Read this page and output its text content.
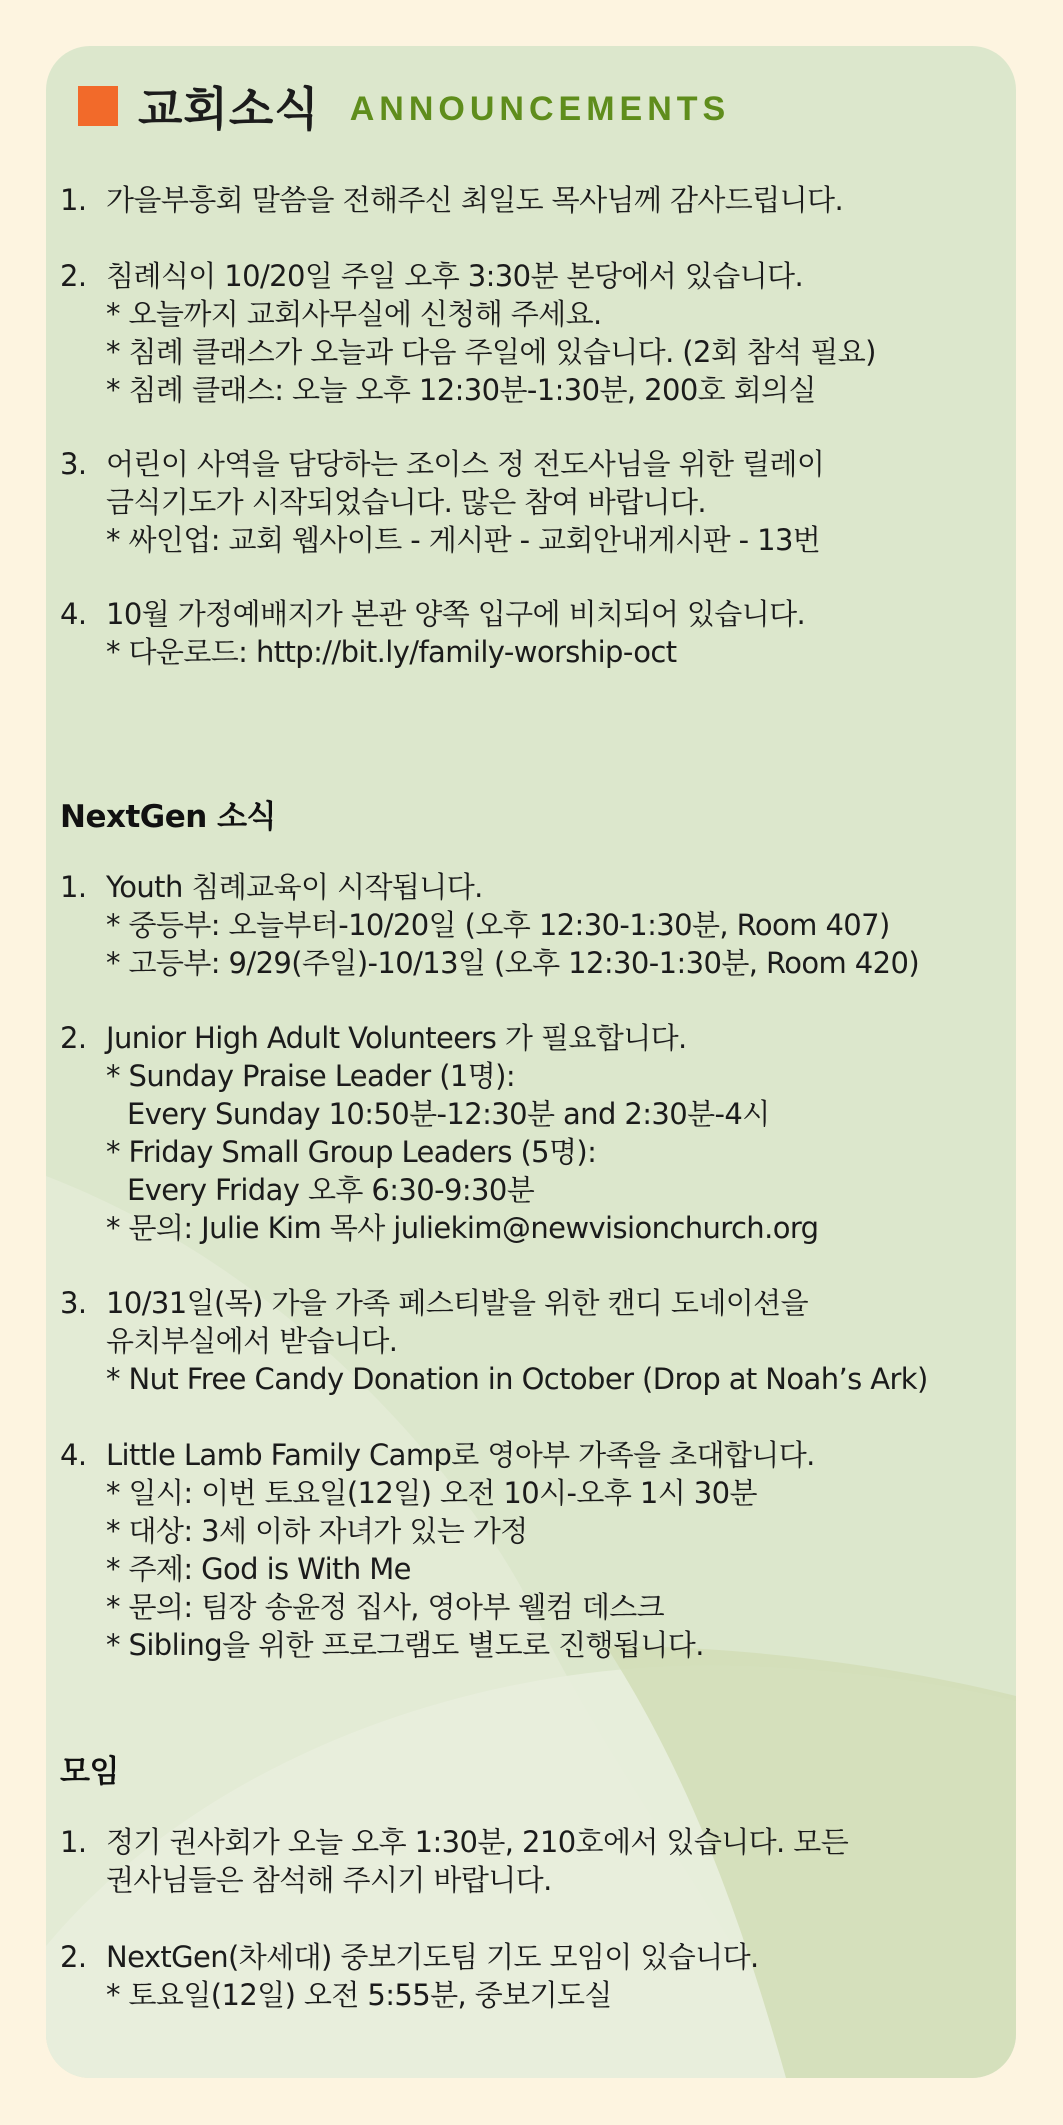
교회소식 ANNOUNCEMENTS
1. 가을부흥회 말씀을 전해주신 최일도 목사님께 감사드립니다.
2. 침례식이 10/20일 주일 오후 3:30분 본당에서 있습니다.
* 오늘까지 교회사무실에 신청해 주세요.
* 침례 클래스가 오늘과 다음 주일에 있습니다. (2회 참석 필요)
* 침례 클래스: 오늘 오후 12:30분-1:30분, 200호 회의실
3. 어린이 사역을 담당하는 조이스 정 전도사님을 위한 릴레이
금식기도가 시작되었습니다. 많은 참여 바랍니다.
* 싸인업: 교회 웹사이트 - 게시판 - 교회안내게시판 - 13번
4. 10월 가정예배지가 본관 양쪽 입구에 비치되어 있습니다.
* 다운로드: http://bit.ly/family-worship-oct
NextGen 소식
1. Youth 침례교육이 시작됩니다.
* 중등부: 오늘부터-10/20일 (오후 12:30-1:30분, Room 407)
* 고등부: 9/29(주일)-10/13일 (오후 12:30-1:30분, Room 420)
2. Junior High Adult Volunteers 가 필요합니다.
* Sunday Praise Leader (1명):
Every Sunday 10:50분-12:30분 and 2:30분-4시
* Friday Small Group Leaders (5명):
Every Friday 오후 6:30-9:30분
* 문의: Julie Kim 목사 juliekim@newvisionchurch.org
3. 10/31일(목) 가을 가족 페스티발을 위한 캔디 도네이션을
유치부실에서 받습니다.
* Nut Free Candy Donation in October (Drop at Noah’s Ark)
4. Little Lamb Family Camp로 영아부 가족을 초대합니다.
* 일시: 이번 토요일(12일) 오전 10시-오후 1시 30분
* 대상: 3세 이하 자녀가 있는 가정
* 주제: God is With Me
* 문의: 팀장 송윤정 집사, 영아부 웰컴 데스크
* Sibling을 위한 프로그램도 별도로 진행됩니다.
모임
1. 정기 권사회가 오늘 오후 1:30분, 210호에서 있습니다. 모든
권사님들은 참석해 주시기 바랍니다.
2. NextGen(차세대) 중보기도팀 기도 모임이 있습니다.
* 토요일(12일) 오전 5:55분, 중보기도실
